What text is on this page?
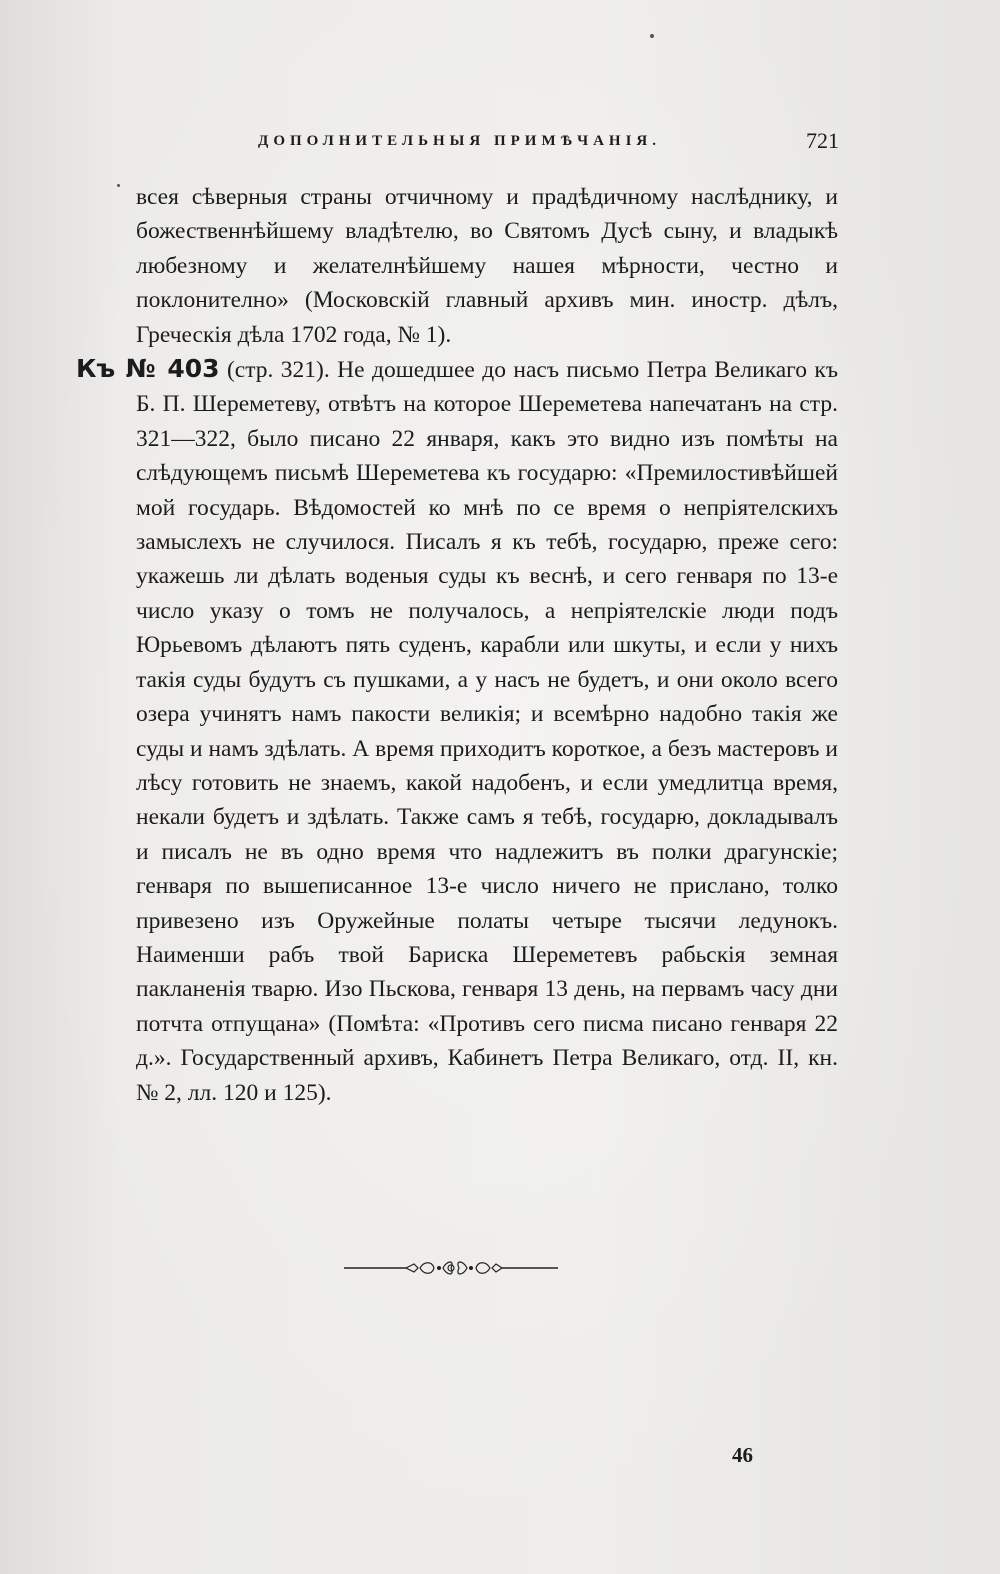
ДОПОЛНИТЕЛЬНЫЯ ПРИМѢЧАНІЯ.	721

всея сѣверныя страны отчичному и прадѣдичному наслѣднику, и божественнѣйшему владѣтелю, во Святомъ Дусѣ сыну, и владыкѣ любезному и желателнѣйшему нашея мѣрности, честно и поклонително» (Московскій главный архивъ мин. иностр. дѣлъ, Греческія дѣла 1702 года, № 1).

Къ № 403 (стр. 321). Не дошедшее до насъ письмо Петра Великаго къ Б. П. Шереметеву, отвѣтъ на которое Шереметева напечатанъ на стр. 321—322, было писано 22 января, какъ это видно изъ помѣты на слѣдующемъ письмѣ Шереметева къ государю: «Премилостивѣйшей мой государь. Вѣдомостей ко мнѣ по се время о непріятелскихъ замыслехъ не случилося. Писалъ я къ тебѣ, государю, преже сего: укажешь ли дѣлать воденыя суды къ веснѣ, и сего генваря по 13-е число указу о томъ не получалось, а непріятелскіе люди подъ Юрьевомъ дѣлаютъ пять суденъ, карабли или шкуты, и если у нихъ такія суды будутъ съ пушками, а у насъ не будетъ, и они около всего озера учинятъ намъ пакости великія; и всемѣрно надобно такія же суды и намъ здѣлать. А время приходитъ короткое, а безъ мастеровъ и лѣсу готовить не знаемъ, какой надобенъ, и если умедлитца время, некали будетъ и здѣлать. Также самъ я тебѣ, государю, докладывалъ и писалъ не въ одно время что надлежитъ въ полки драгунскіе; генваря по вышеписанное 13-е число ничего не прислано, толко привезено изъ Оружейные полаты четыре тысячи ледунокъ. Наименши рабъ твой Бариска Шереметевъ рабьскія земная пакланенія тварю. Изо Пьскова, генваря 13 день, на первамъ часу дни потчта отпущана» (Помѣта: «Противъ сего писма писано генваря 22 д.». Государственный архивъ, Кабинетъ Петра Великаго, отд. II, кн. № 2, лл. 120 и 125).

46
